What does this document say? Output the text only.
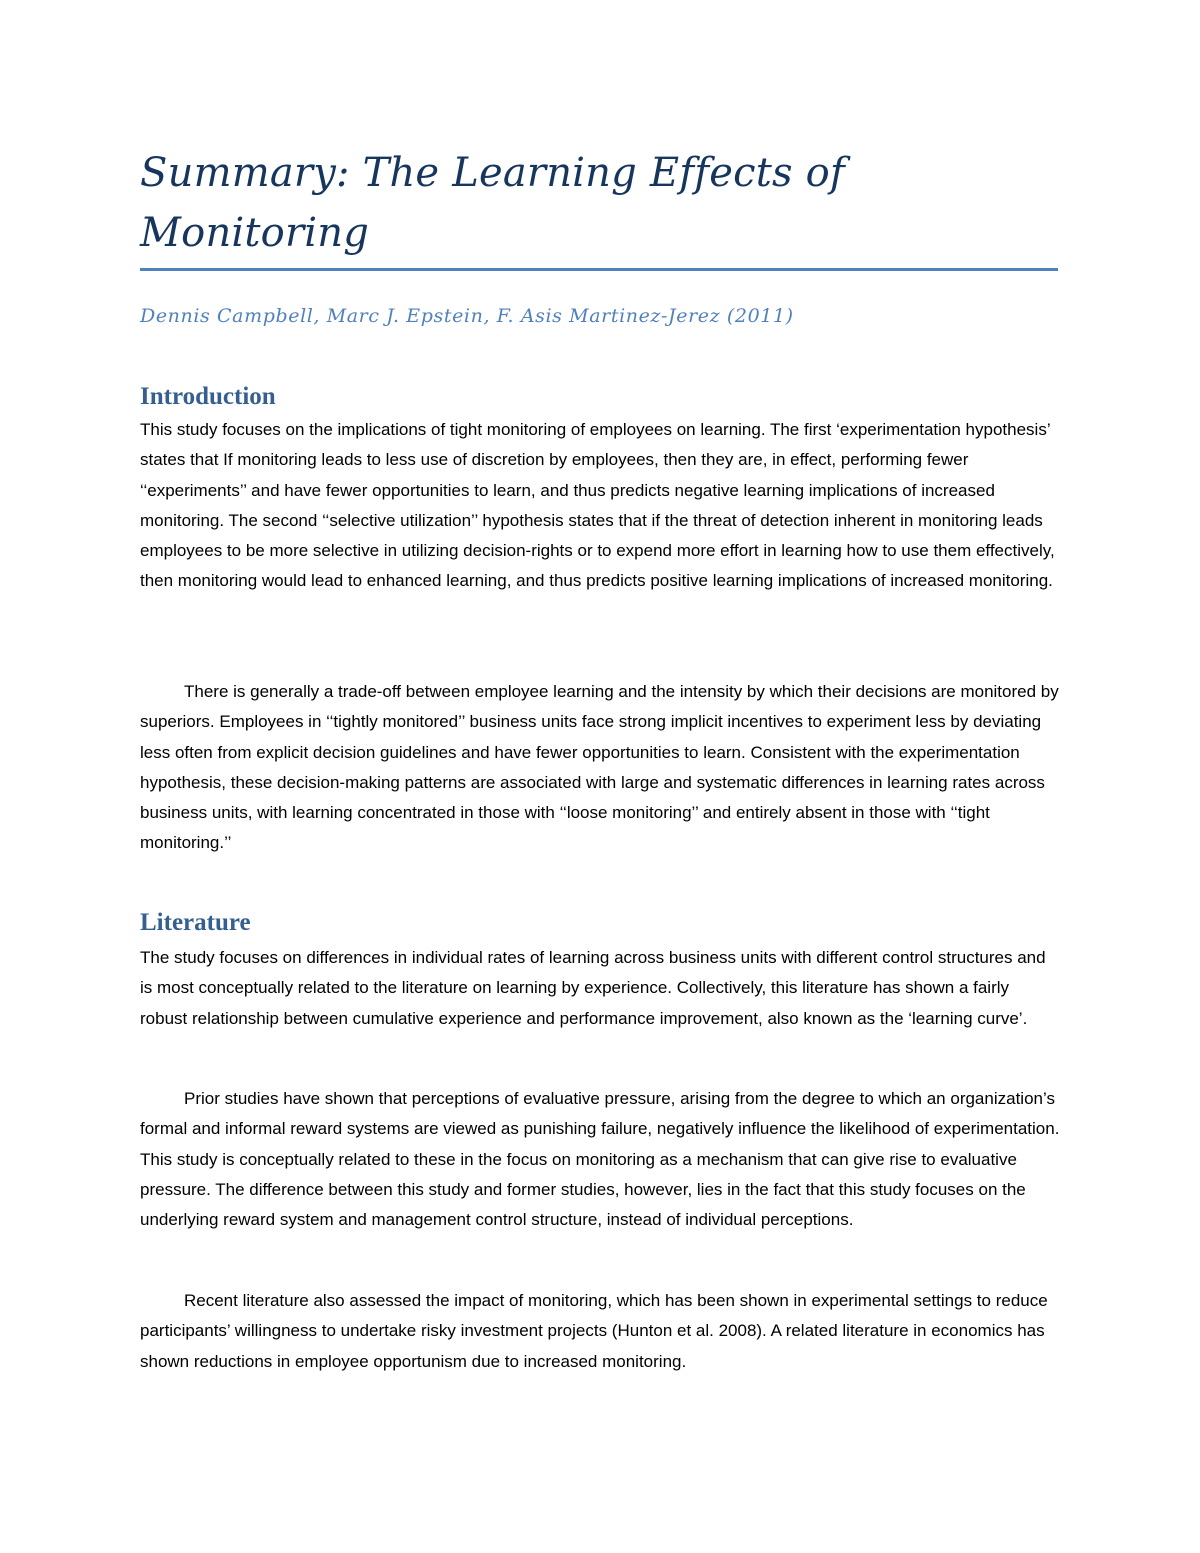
Summary: The Learning Effects of
Monitoring

Dennis Campbell, Marc J. Epstein, F. Asis Martinez-Jerez (2011)

Introduction

This study focuses on the implications of tight monitoring of employees on learning. The first ‘experimentation hypothesis’ states that If monitoring leads to less use of discretion by employees, then they are, in effect, performing fewer ‘‘experiments’’ and have fewer opportunities to learn, and thus predicts negative learning implications of increased monitoring. The second ‘‘selective utilization’’ hypothesis states that if the threat of detection inherent in monitoring leads employees to be more selective in utilizing decision-rights or to expend more effort in learning how to use them effectively, then monitoring would lead to enhanced learning, and thus predicts positive learning implications of increased monitoring.

There is generally a trade-off between employee learning and the intensity by which their decisions are monitored by superiors. Employees in ‘‘tightly monitored’’ business units face strong implicit incentives to experiment less by deviating less often from explicit decision guidelines and have fewer opportunities to learn. Consistent with the experimentation hypothesis, these decision-making patterns are associated with large and systematic differences in learning rates across business units, with learning concentrated in those with ‘‘loose monitoring’’ and entirely absent in those with ‘‘tight monitoring.’’

Literature

The study focuses on differences in individual rates of learning across business units with different control structures and is most conceptually related to the literature on learning by experience. Collectively, this literature has shown a fairly robust relationship between cumulative experience and performance improvement, also known as the ‘learning curve’.

Prior studies have shown that perceptions of evaluative pressure, arising from the degree to which an organization’s formal and informal reward systems are viewed as punishing failure, negatively influence the likelihood of experimentation. This study is conceptually related to these in the focus on monitoring as a mechanism that can give rise to evaluative pressure. The difference between this study and former studies, however, lies in the fact that this study focuses on the underlying reward system and management control structure, instead of individual perceptions.

Recent literature also assessed the impact of monitoring, which has been shown in experimental settings to reduce participants’ willingness to undertake risky investment projects (Hunton et al. 2008). A related literature in economics has shown reductions in employee opportunism due to increased monitoring.
